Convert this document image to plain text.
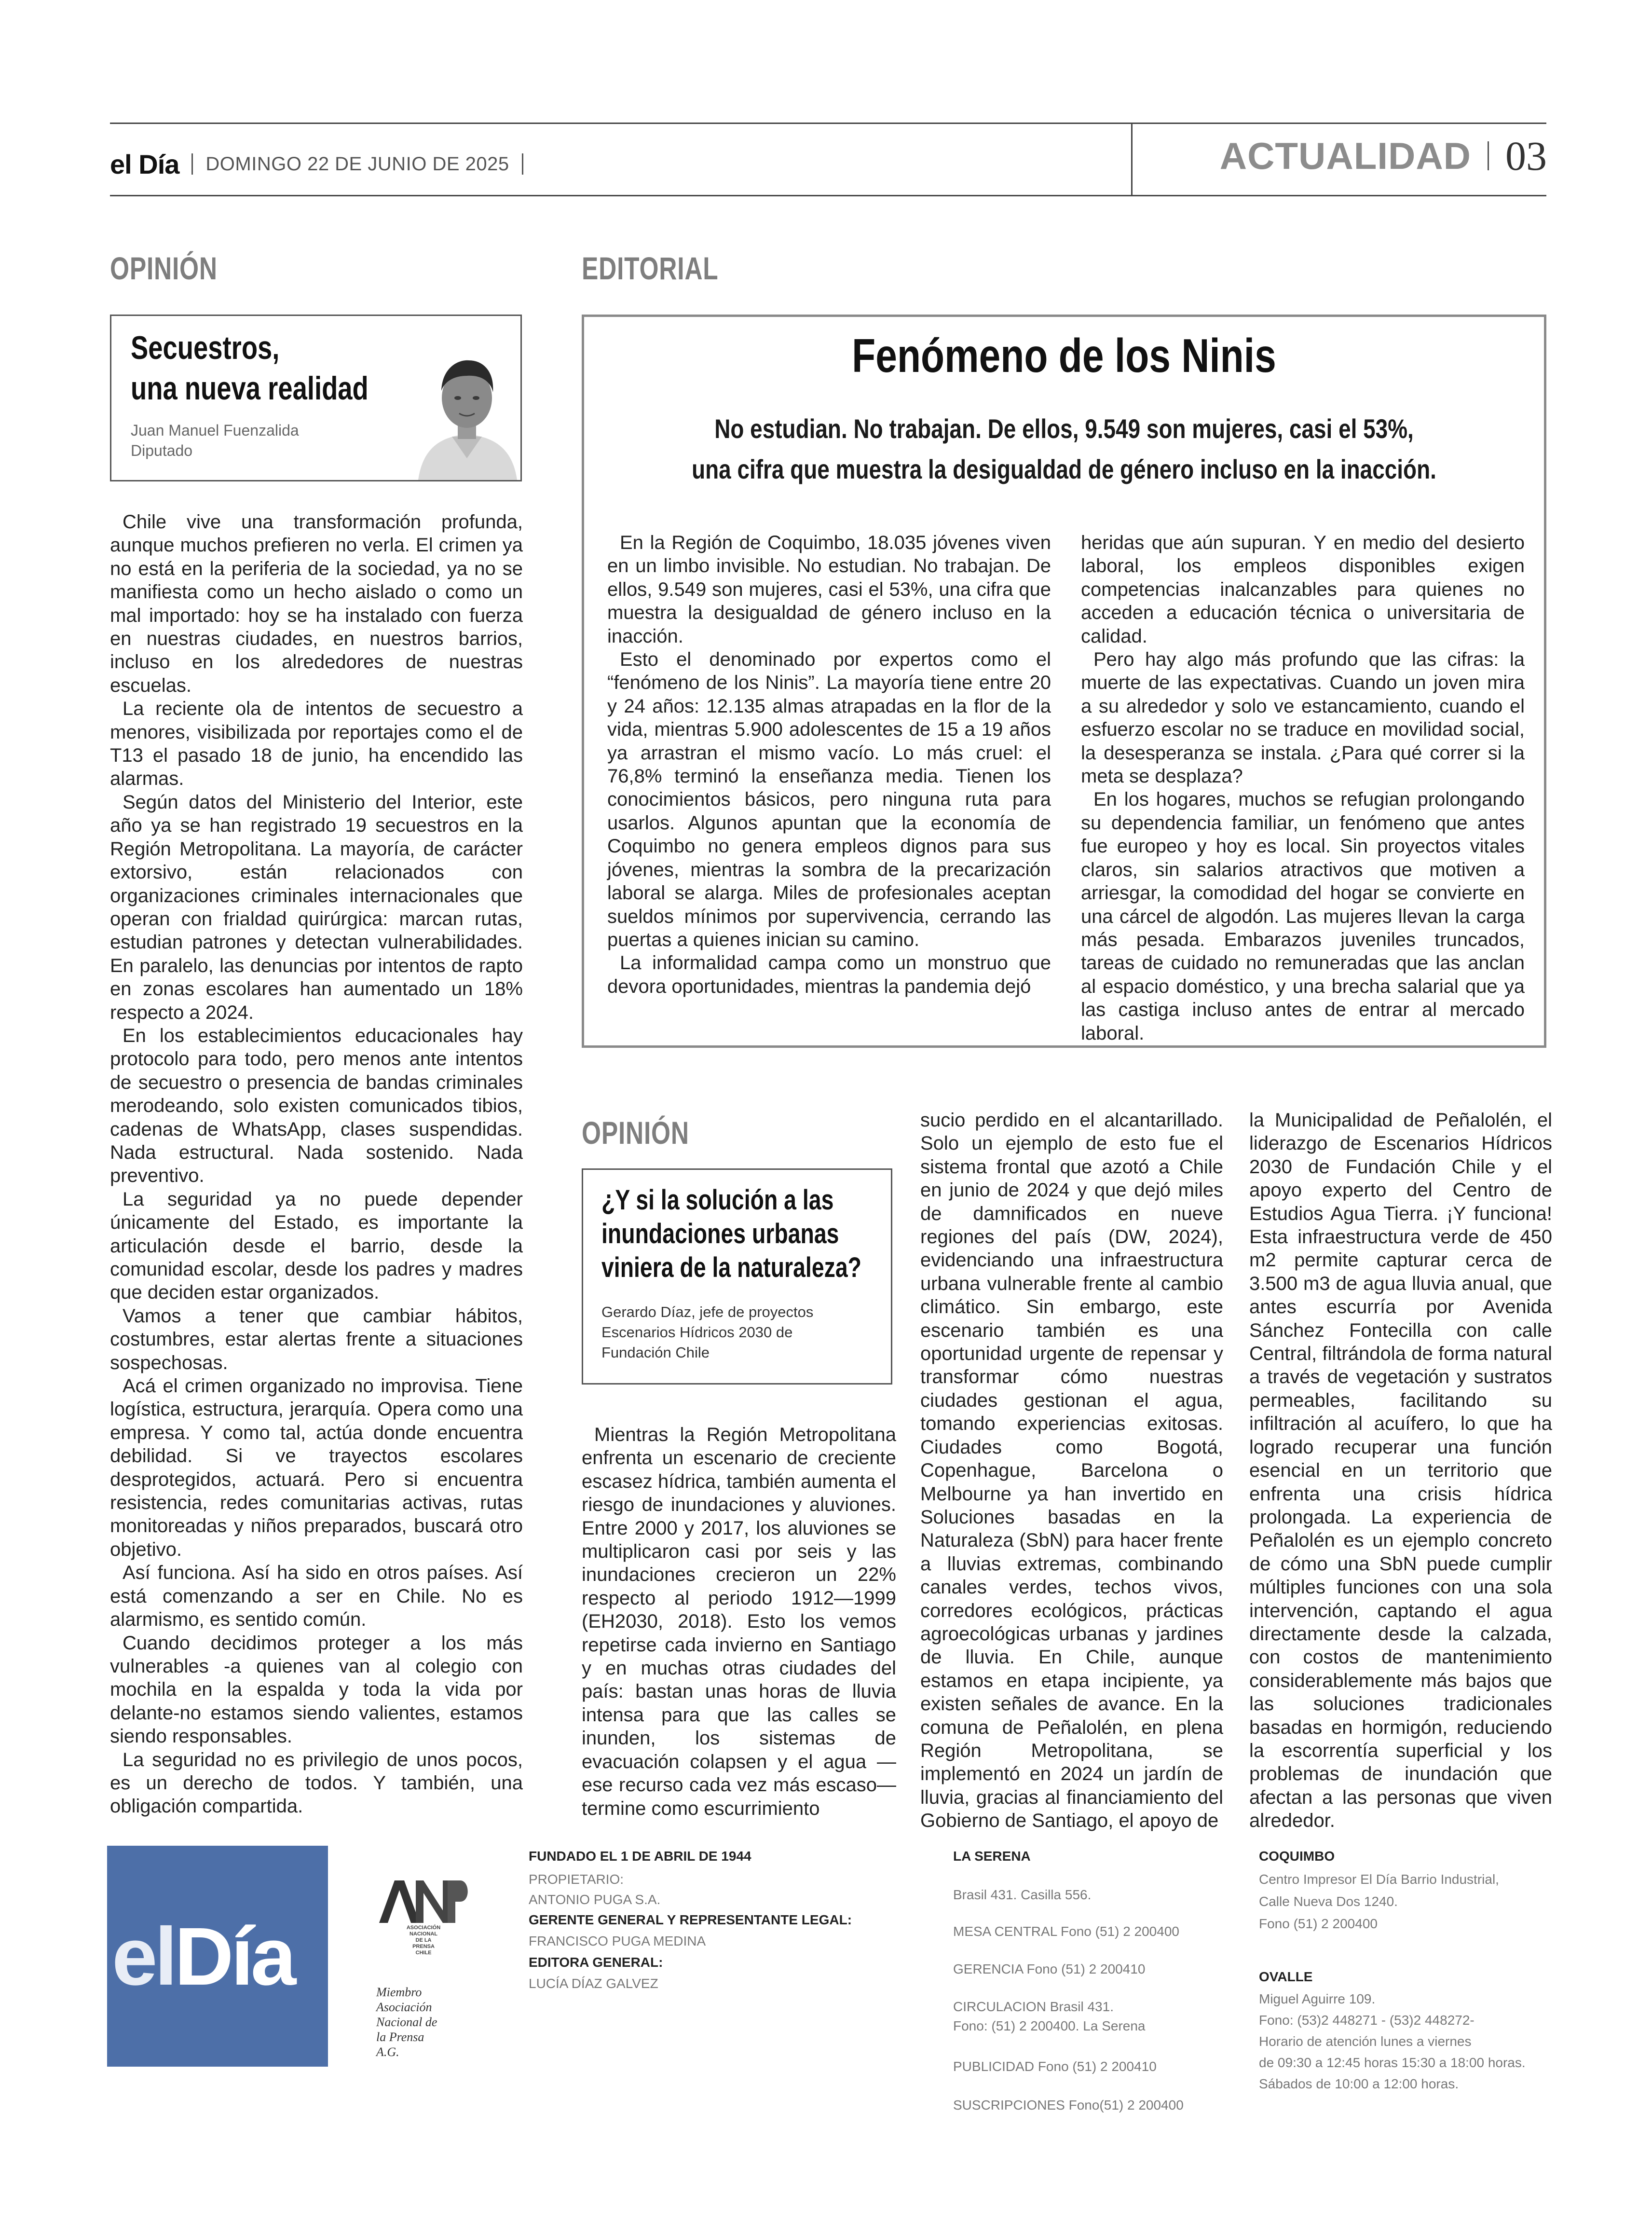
el Día DOMINGO 22 DE JUNIO DE 2025	ACTUALIDAD 03
OPINIÓN
Secuestros,
una nueva realidad
Juan Manuel Fuenzalida
Diputado

Chile vive una transformación profunda, aunque muchos prefieren no verla. El crimen ya no está en la periferia de la sociedad, ya no se manifiesta como un hecho aislado o como un mal importado: hoy se ha instalado con fuerza en nuestras ciudades, en nuestros barrios, incluso en los alrededores de nuestras escuelas.

La reciente ola de intentos de secuestro a menores, visibilizada por reportajes como el de T13 el pasado 18 de junio, ha encendido las alarmas.

Según datos del Ministerio del Interior, este año ya se han registrado 19 secuestros en la Región Metropolitana. La mayoría, de carácter extorsivo, están relacionados con organizaciones criminales internacionales que operan con frialdad quirúrgica: marcan rutas, estudian patrones y detectan vulnerabilidades. En paralelo, las denuncias por intentos de rapto en zonas escolares han aumentado un 18% respecto a 2024.

En los establecimientos educacionales hay protocolo para todo, pero menos ante intentos de secuestro o presencia de bandas criminales merodeando, solo existen comunicados tibios, cadenas de WhatsApp, clases suspendidas. Nada estructural. Nada sostenido. Nada preventivo.

La seguridad ya no puede depender únicamente del Estado, es importante la articulación desde el barrio, desde la comunidad escolar, desde los padres y madres que deciden estar organizados.

Vamos a tener que cambiar hábitos, costumbres, estar alertas frente a situaciones sospechosas.

Acá el crimen organizado no improvisa. Tiene logística, estructura, jerarquía. Opera como una empresa. Y como tal, actúa donde encuentra debilidad. Si ve trayectos escolares desprotegidos, actuará. Pero si encuentra resistencia, redes comunitarias activas, rutas monitoreadas y niños preparados, buscará otro objetivo.

Así funciona. Así ha sido en otros países. Así está comenzando a ser en Chile. No es alarmismo, es sentido común.

Cuando decidimos proteger a los más vulnerables -a quienes van al colegio con mochila en la espalda y toda la vida por delante-no estamos siendo valientes, estamos siendo responsables.

La seguridad no es privilegio de unos pocos, es un derecho de todos. Y también, una obligación compartida.

EDITORIAL
Fenómeno de los Ninis
No estudian. No trabajan. De ellos, 9.549 son mujeres, casi el 53%,
una cifra que muestra la desigualdad de género incluso en la inacción.

En la Región de Coquimbo, 18.035 jóvenes viven en un limbo invisible. No estudian. No trabajan. De ellos, 9.549 son mujeres, casi el 53%, una cifra que muestra la desigualdad de género incluso en la inacción.

Esto el denominado por expertos como el “fenómeno de los Ninis”. La mayoría tiene entre 20 y 24 años: 12.135 almas atrapadas en la flor de la vida, mientras 5.900 adolescentes de 15 a 19 años ya arrastran el mismo vacío. Lo más cruel: el 76,8% terminó la enseñanza media. Tienen los conocimientos básicos, pero ninguna ruta para usarlos. Algunos apuntan que la economía de Coquimbo no genera empleos dignos para sus jóvenes, mientras la sombra de la precarización laboral se alarga. Miles de profesionales aceptan sueldos mínimos por supervivencia, cerrando las puertas a quienes inician su camino.

La informalidad campa como un monstruo que devora oportunidades, mientras la pandemia dejó

heridas que aún supuran. Y en medio del desierto laboral, los empleos disponibles exigen competencias inalcanzables para quienes no acceden a educación técnica o universitaria de calidad.

Pero hay algo más profundo que las cifras: la muerte de las expectativas. Cuando un joven mira a su alrededor y solo ve estancamiento, cuando el esfuerzo escolar no se traduce en movilidad social, la desesperanza se instala. ¿Para qué correr si la meta se desplaza?

En los hogares, muchos se refugian prolongando su dependencia familiar, un fenómeno que antes fue europeo y hoy es local. Sin proyectos vitales claros, sin salarios atractivos que motiven a arriesgar, la comodidad del hogar se convierte en una cárcel de algodón. Las mujeres llevan la carga más pesada. Embarazos juveniles truncados, tareas de cuidado no remuneradas que las anclan al espacio doméstico, y una brecha salarial que ya las castiga incluso antes de entrar al mercado laboral.

OPINIÓN
¿Y si la solución a las
inundaciones urbanas
viniera de la naturaleza?
Gerardo Díaz, jefe de proyectos
Escenarios Hídricos 2030 de
Fundación Chile

Mientras la Región Metropolitana enfrenta un escenario de creciente escasez hídrica, también aumenta el riesgo de inundaciones y aluviones. Entre 2000 y 2017, los aluviones se multiplicaron casi por seis y las inundaciones crecieron un 22% respecto al periodo 1912—1999 (EH2030, 2018). Esto los vemos repetirse cada invierno en Santiago y en muchas otras ciudades del país: bastan unas horas de lluvia intensa para que las calles se inunden, los sistemas de evacuación colapsen y el agua —ese recurso cada vez más escaso— termine como escurrimiento

sucio perdido en el alcantarillado. Solo un ejemplo de esto fue el sistema frontal que azotó a Chile en junio de 2024 y que dejó miles de damnificados en nueve regiones del país (DW, 2024), evidenciando una infraestructura urbana vulnerable frente al cambio climático. Sin embargo, este escenario también es una oportunidad urgente de repensar y transformar cómo nuestras ciudades gestionan el agua, tomando experiencias exitosas. Ciudades como Bogotá, Copenhague, Barcelona o Melbourne ya han invertido en Soluciones basadas en la Naturaleza (SbN) para hacer frente a lluvias extremas, combinando canales verdes, techos vivos, corredores ecológicos, prácticas agroecológicas urbanas y jardines de lluvia. En Chile, aunque estamos en etapa incipiente, ya existen señales de avance. En la comuna de Peñalolén, en plena Región Metropolitana, se implementó en 2024 un jardín de lluvia, gracias al financiamiento del Gobierno de Santiago, el apoyo de

la Municipalidad de Peñalolén, el liderazgo de Escenarios Hídricos 2030 de Fundación Chile y el apoyo experto del Centro de Estudios Agua Tierra. ¡Y funciona! Esta infraestructura verde de 450 m2 permite capturar cerca de 3.500 m3 de agua lluvia anual, que antes escurría por Avenida Sánchez Fontecilla con calle Central, filtrándola de forma natural a través de vegetación y sustratos permeables, facilitando su infiltración al acuífero, lo que ha logrado recuperar una función esencial en un territorio que enfrenta una crisis hídrica prolongada. La experiencia de Peñalolén es un ejemplo concreto de cómo una SbN puede cumplir múltiples funciones con una sola intervención, captando el agua directamente desde la calzada, con costos de mantenimiento considerablemente más bajos que las soluciones tradicionales basadas en hormigón, reduciendo la escorrentía superficial y los problemas de inundación que afectan a las personas que viven alrededor.

elDía	ASOCIACIÓN
NACIONAL
DE LA PRENSA
CHILE
Miembro
Asociación
Nacional de
la Prensa
A.G.
FUNDADO EL 1 DE ABRIL DE 1944
PROPIETARIO:
ANTONIO PUGA S.A.
GERENTE GENERAL Y REPRESENTANTE LEGAL:
FRANCISCO PUGA MEDINA
EDITORA GENERAL:
LUCÍA DÍAZ GALVEZ
LA SERENA
Brasil 431. Casilla 556.
MESA CENTRAL Fono (51) 2 200400
GERENCIA Fono (51) 2 200410
CIRCULACION Brasil 431.
Fono: (51) 2 200400. La Serena
PUBLICIDAD Fono (51) 2 200410
SUSCRIPCIONES Fono(51) 2 200400
COQUIMBO
Centro Impresor El Día Barrio Industrial,
Calle Nueva Dos 1240.
Fono (51) 2 200400
OVALLE
Miguel Aguirre 109.
Fono: (53)2 448271 - (53)2 448272-
Horario de atención lunes a viernes
de 09:30 a 12:45 horas 15:30 a 18:00 horas.
Sábados de 10:00 a 12:00 horas.
